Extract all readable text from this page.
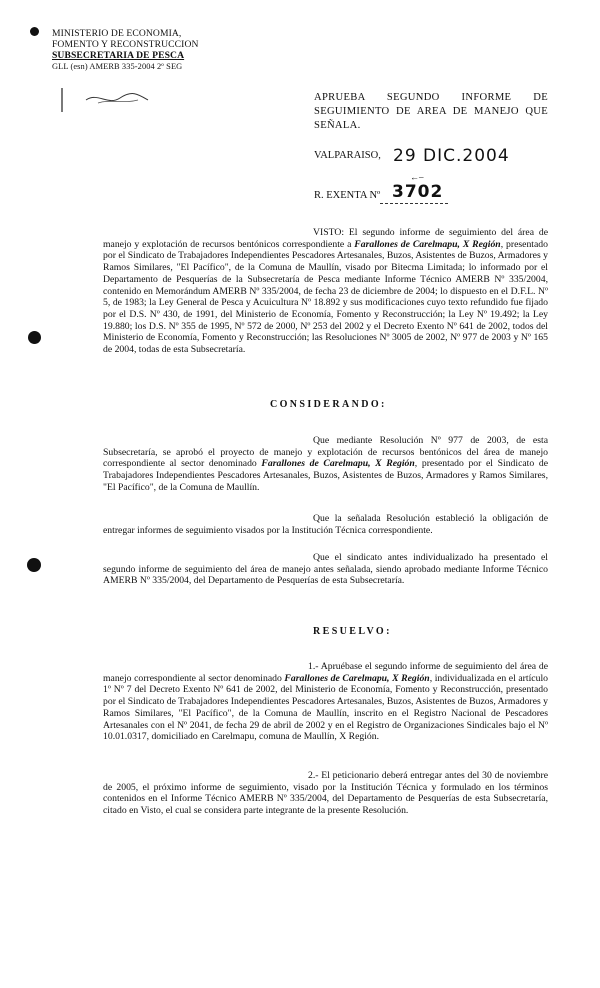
MINISTERIO DE ECONOMIA,
FOMENTO Y RECONSTRUCCION
SUBSECRETARIA DE PESCA
GLL (esn) AMERB 335-2004 2º SEG
APRUEBA SEGUNDO INFORME DE SEGUIMIENTO DE AREA DE MANEJO QUE SEÑALA.
VALPARAISO, 29 DIC.2004
←–
R. EXENTA Nº 3702
VISTO: El segundo informe de seguimiento del área de manejo y explotación de recursos bentónicos correspondiente a Farallones de Carelmapu, X Región, presentado por el Sindicato de Trabajadores Independientes Pescadores Artesanales, Buzos, Asistentes de Buzos, Armadores y Ramos Similares, "El Pacífico", de la Comuna de Maullín, visado por Bitecma Limitada; lo informado por el Departamento de Pesquerías de la Subsecretaría de Pesca mediante Informe Técnico AMERB Nº 335/2004, contenido en Memorándum AMERB Nº 335/2004, de fecha 23 de diciembre de 2004; lo dispuesto en el D.F.L. Nº 5, de 1983; la Ley General de Pesca y Acuicultura Nº 18.892 y sus modificaciones cuyo texto refundido fue fijado por el D.S. Nº 430, de 1991, del Ministerio de Economía, Fomento y Reconstrucción; la Ley Nº 19.492; la Ley 19.880; los D.S. Nº 355 de 1995, Nº 572 de 2000, Nº 253 del 2002 y el Decreto Exento Nº 641 de 2002, todos del Ministerio de Economía, Fomento y Reconstrucción; las Resoluciones Nº 3005 de 2002, Nº 977 de 2003 y Nº 165 de 2004, todas de esta Subsecretaría.
CONSIDERANDO:
Que mediante Resolución Nº 977 de 2003, de esta Subsecretaría, se aprobó el proyecto de manejo y explotación de recursos bentónicos del área de manejo correspondiente al sector denominado Farallones de Carelmapu, X Región, presentado por el Sindicato de Trabajadores Independientes Pescadores Artesanales, Buzos, Asistentes de Buzos, Armadores y Ramos Similares, "El Pacífico", de la Comuna de Maullín.
Que la señalada Resolución estableció la obligación de entregar informes de seguimiento visados por la Institución Técnica correspondiente.
Que el sindicato antes individualizado ha presentado el segundo informe de seguimiento del área de manejo antes señalada, siendo aprobado mediante Informe Técnico AMERB Nº 335/2004, del Departamento de Pesquerías de esta Subsecretaría.
RESUELVO:
1.- Apruébase el segundo informe de seguimiento del área de manejo correspondiente al sector denominado Farallones de Carelmapu, X Región, individualizada en el artículo 1º Nº 7 del Decreto Exento Nº 641 de 2002, del Ministerio de Economía, Fomento y Reconstrucción, presentado por el Sindicato de Trabajadores Independientes Pescadores Artesanales, Buzos, Asistentes de Buzos, Armadores y Ramos Similares, "El Pacífico", de la Comuna de Maullín, inscrito en el Registro Nacional de Pescadores Artesanales con el Nº 2041, de fecha 29 de abril de 2002 y en el Registro de Organizaciones Sindicales bajo el Nº 10.01.0317, domiciliado en Carelmapu, comuna de Maullín, X Región.
2.- El peticionario deberá entregar antes del 30 de noviembre de 2005, el próximo informe de seguimiento, visado por la Institución Técnica y formulado en los términos contenidos en el Informe Técnico AMERB Nº 335/2004, del Departamento de Pesquerías de esta Subsecretaría, citado en Visto, el cual se considera parte integrante de la presente Resolución.
